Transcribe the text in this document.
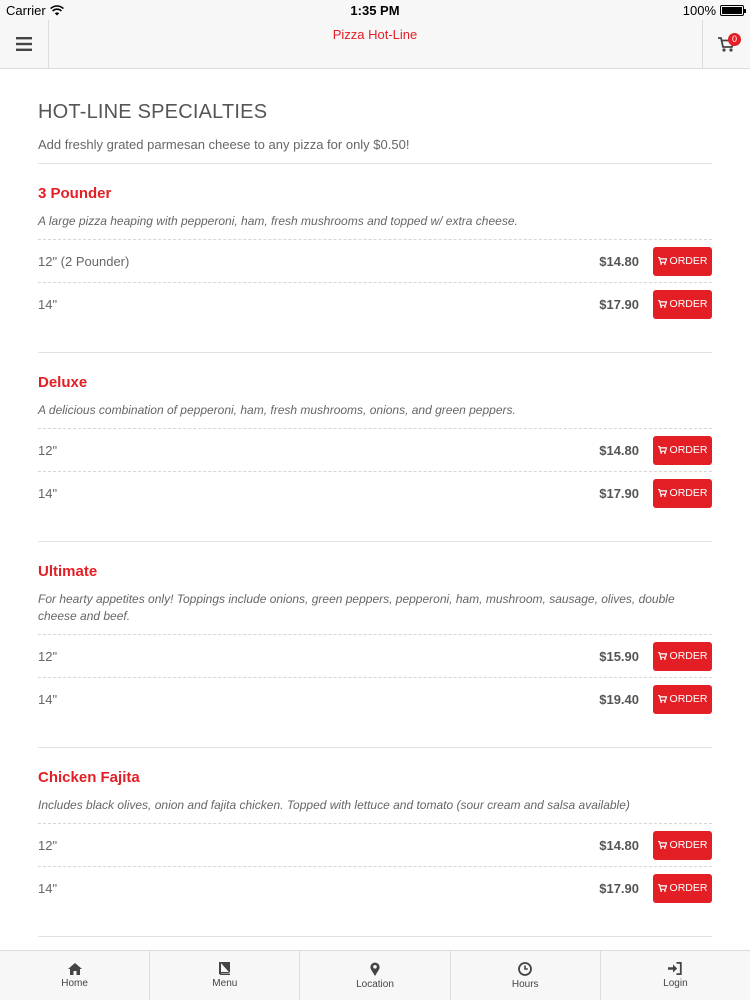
Carrier	1:35 PM	100%
Pizza Hot-Line	0
HOT-LINE SPECIALTIES
Add freshly grated parmesan cheese to any pizza for only $0.50!
3 Pounder
A large pizza heaping with pepperoni, ham, fresh mushrooms and topped w/ extra cheese.
12" (2 Pounder)	$14.80	ORDER
14"	$17.90	ORDER
Deluxe
A delicious combination of pepperoni, ham, fresh mushrooms, onions, and green peppers.
12"	$14.80	ORDER
14"	$17.90	ORDER
Ultimate
For hearty appetites only! Toppings include onions, green peppers, pepperoni, ham, mushroom, sausage, olives, double cheese and beef.
12"	$15.90	ORDER
14"	$19.40	ORDER
Chicken Fajita
Includes black olives, onion and fajita chicken. Topped with lettuce and tomato (sour cream and salsa available)
12"	$14.80	ORDER
14"	$17.90	ORDER
Home	Menu	Location	Hours	Login
